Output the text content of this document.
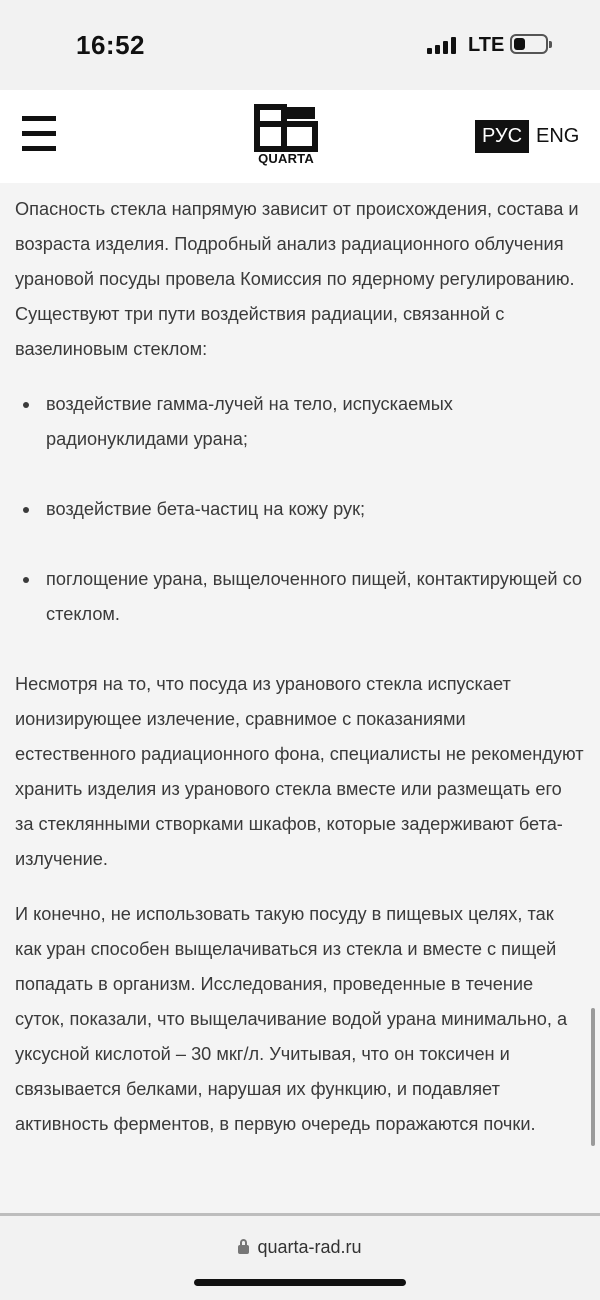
16:52	LTE
QUARTA
РУС ENG

Опасность стекла напрямую зависит от происхождения, состава и возраста изделия. Подробный анализ радиационного облучения урановой посуды провела Комиссия по ядерному регулированию. Существуют три пути воздействия радиации, связанной с вазелиновым стеклом:

воздействие гамма-лучей на тело, испускаемых радионуклидами урана;
воздействие бета-частиц на кожу рук;
поглощение урана, выщелоченного пищей, контактирующей со стеклом.

Несмотря на то, что посуда из уранового стекла испускает ионизирующее излечение, сравнимое с показаниями естественного радиационного фона, специалисты не рекомендуют хранить изделия из уранового стекла вместе или размещать его за стеклянными створками шкафов, которые задерживают бета-излучение.

И конечно, не использовать такую посуду в пищевых целях, так как уран способен выщелачиваться из стекла и вместе с пищей попадать в организм. Исследования, проведенные в течение суток, показали, что выщелачивание водой урана минимально, а уксусной кислотой – 30 мкг/л. Учитывая, что он токсичен и связывается белками, нарушая их функцию, и подавляет активность ферментов, в первую очередь поражаются почки.

quarta-rad.ru
